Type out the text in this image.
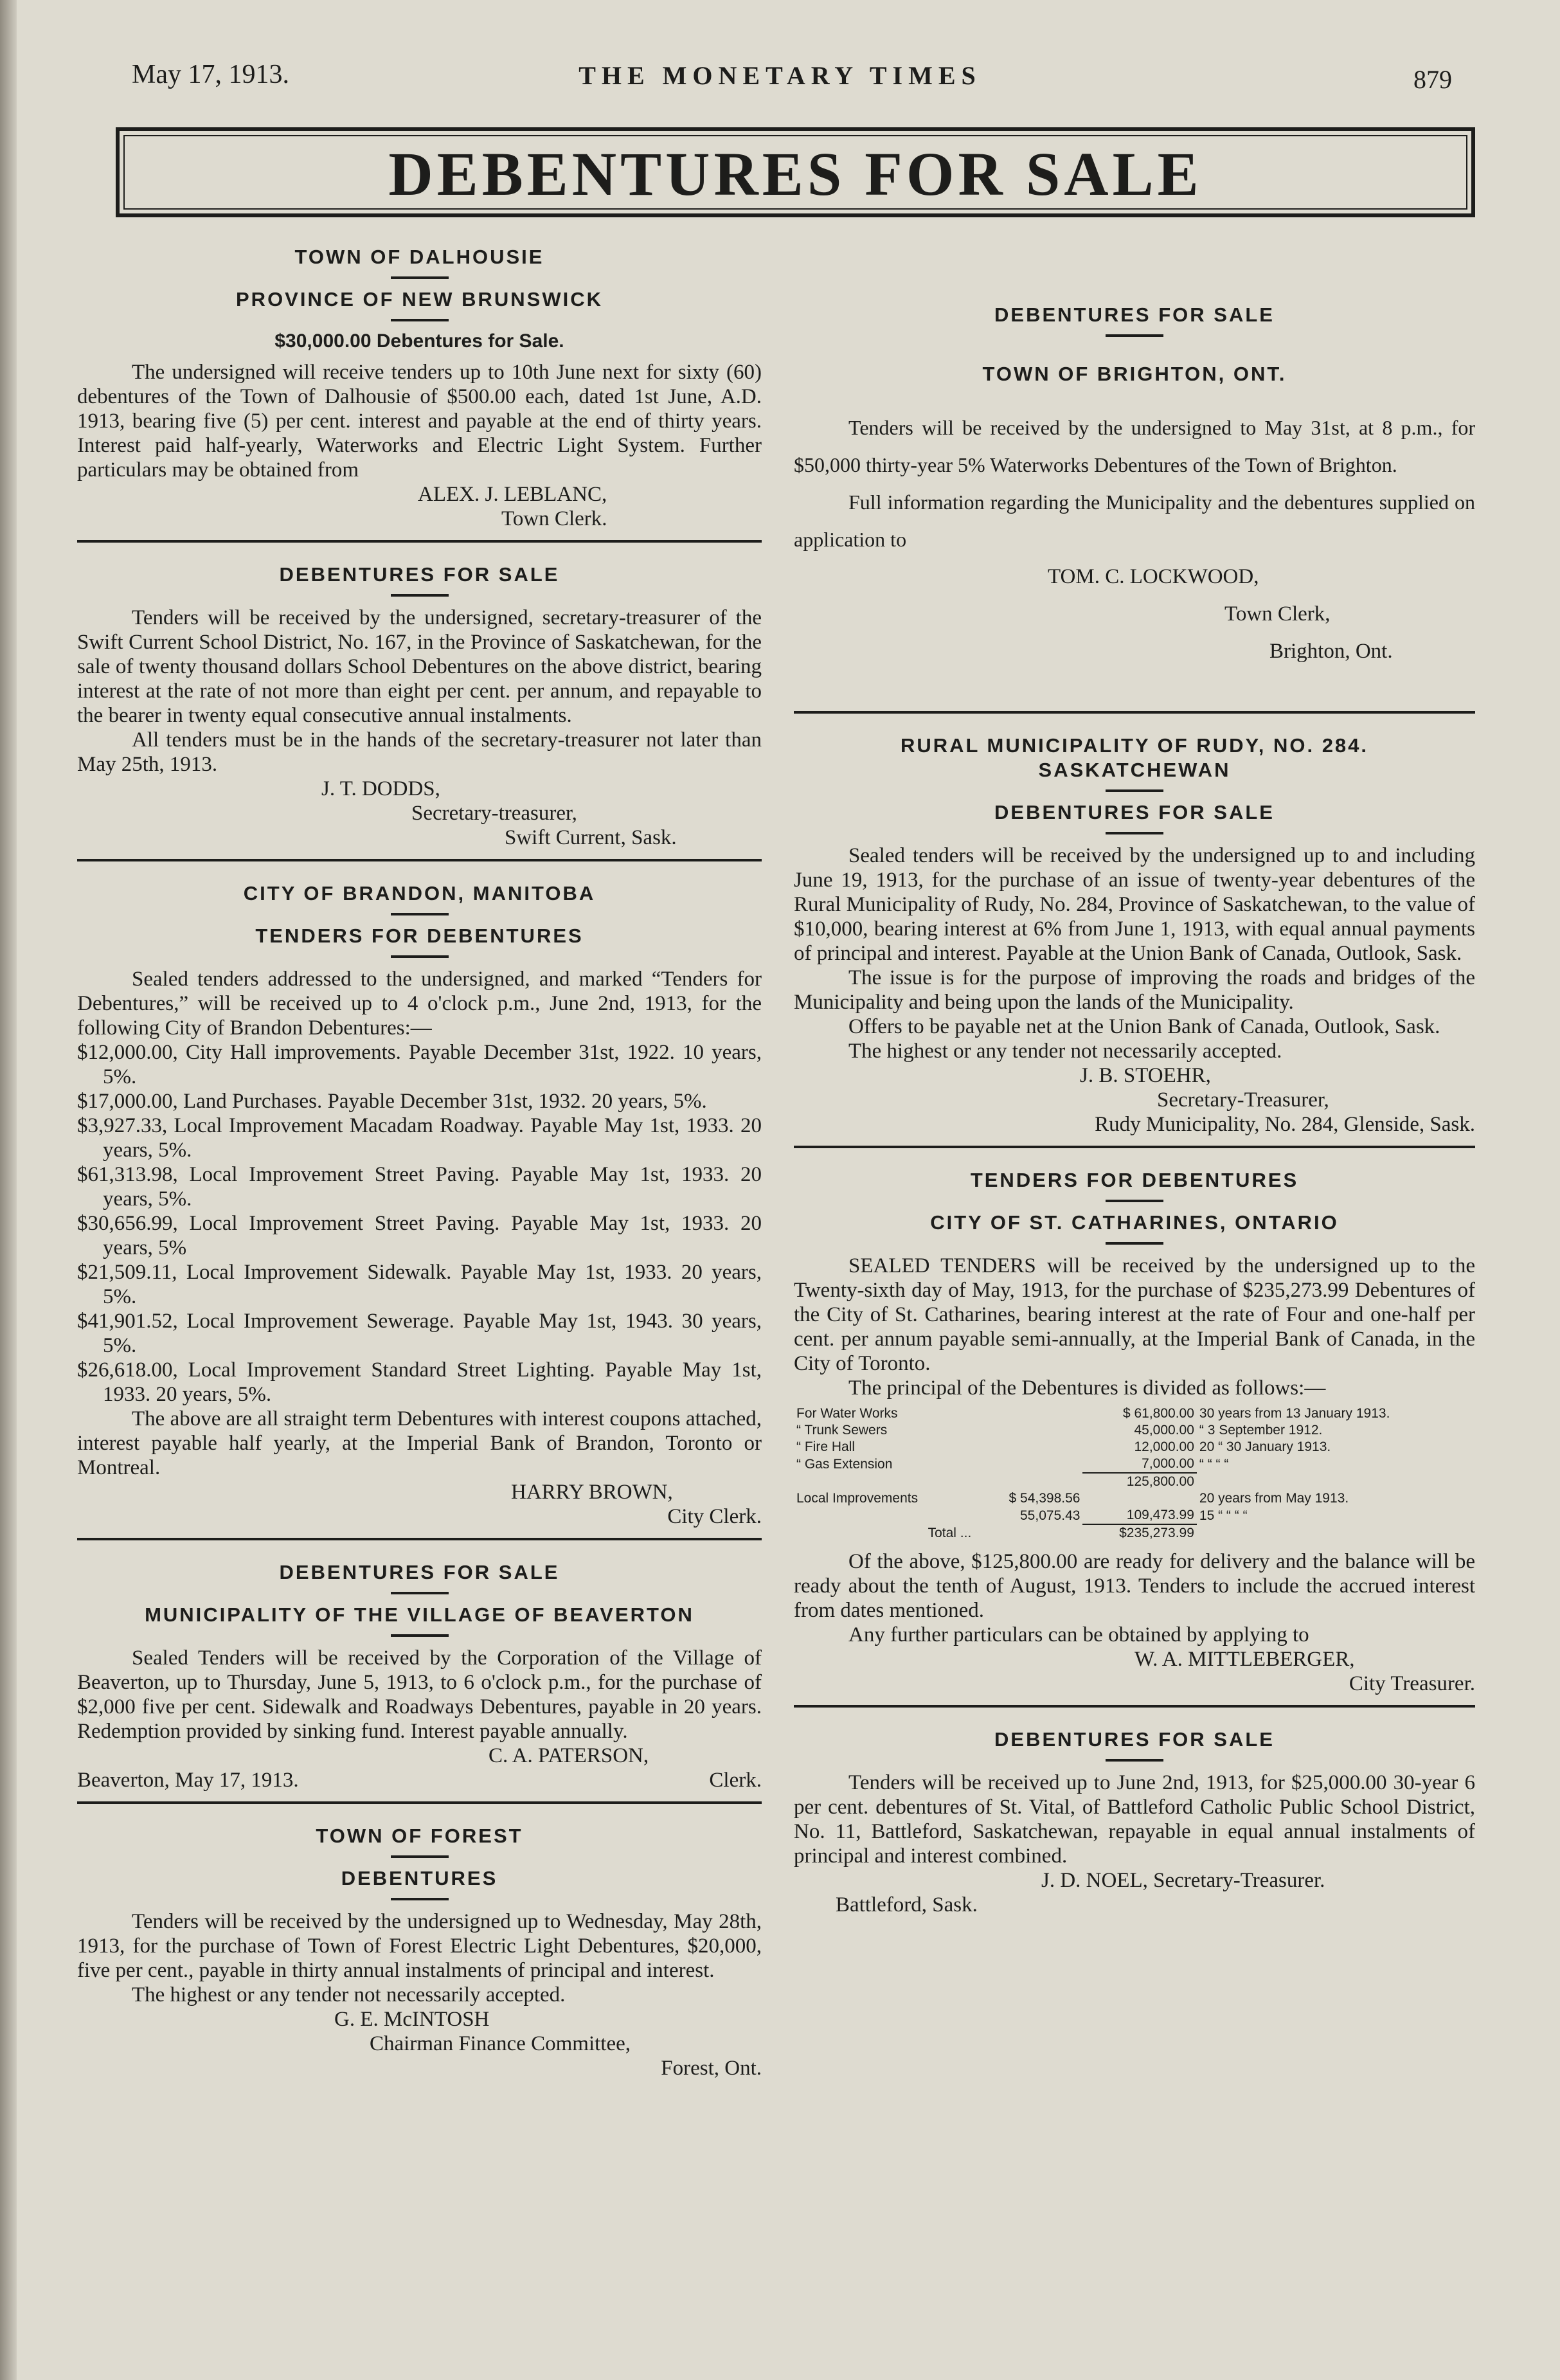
May 17, 1913.	THE MONETARY TIMES	879
DEBENTURES FOR SALE
TOWN OF DALHOUSIE
PROVINCE OF NEW BRUNSWICK
$30,000.00 Debentures for Sale.

The undersigned will receive tenders up to 10th June next for sixty (60) debentures of the Town of Dalhousie of $500.00 each, dated 1st June, A.D. 1913, bearing five (5) per cent. interest and payable at the end of thirty years. Interest paid half-yearly, Waterworks and Electric Light System. Further particulars may be obtained from

ALEX. J. LEBLANC,
Town Clerk.
DEBENTURES FOR SALE

Tenders will be received by the undersigned, secretary-treasurer of the Swift Current School District, No. 167, in the Province of Saskatchewan, for the sale of twenty thousand dollars School Debentures on the above district, bearing interest at the rate of not more than eight per cent. per annum, and repayable to the bearer in twenty equal consecutive annual instalments.

All tenders must be in the hands of the secretary-treasurer not later than May 25th, 1913.

J. T. DODDS,
Secretary-treasurer,
Swift Current, Sask.
CITY OF BRANDON, MANITOBA
TENDERS FOR DEBENTURES

Sealed tenders addressed to the undersigned, and marked “Tenders for Debentures,” will be received up to 4 o'clock p.m., June 2nd, 1913, for the following City of Brandon Debentures:—

$12,000.00, City Hall improvements. Payable December 31st, 1922. 10 years, 5%.

$17,000.00, Land Purchases. Payable December 31st, 1932. 20 years, 5%.

$3,927.33, Local Improvement Macadam Roadway. Payable May 1st, 1933. 20 years, 5%.

$61,313.98, Local Improvement Street Paving. Payable May 1st, 1933. 20 years, 5%.

$30,656.99, Local Improvement Street Paving. Payable May 1st, 1933. 20 years, 5%

$21,509.11, Local Improvement Sidewalk. Payable May 1st, 1933. 20 years, 5%.

$41,901.52, Local Improvement Sewerage. Payable May 1st, 1943. 30 years, 5%.

$26,618.00, Local Improvement Standard Street Lighting. Payable May 1st, 1933. 20 years, 5%.

The above are all straight term Debentures with interest coupons attached, interest payable half yearly, at the Imperial Bank of Brandon, Toronto or Montreal.

HARRY BROWN,
City Clerk.
DEBENTURES FOR SALE
MUNICIPALITY OF THE VILLAGE OF BEAVERTON

Sealed Tenders will be received by the Corporation of the Village of Beaverton, up to Thursday, June 5, 1913, to 6 o'clock p.m., for the purchase of $2,000 five per cent. Sidewalk and Roadways Debentures, payable in 20 years. Redemption provided by sinking fund. Interest payable annually.

C. A. PATERSON,
Beaverton, May 17, 1913.	Clerk.
TOWN OF FOREST
DEBENTURES

Tenders will be received by the undersigned up to Wednesday, May 28th, 1913, for the purchase of Town of Forest Electric Light Debentures, $20,000, five per cent., payable in thirty annual instalments of principal and interest.

The highest or any tender not necessarily accepted.

G. E. McINTOSH
Chairman Finance Committee,
Forest, Ont.
DEBENTURES FOR SALE
TOWN OF BRIGHTON, ONT.

Tenders will be received by the undersigned to May 31st, at 8 p.m., for $50,000 thirty-year 5% Waterworks Debentures of the Town of Brighton.

Full information regarding the Municipality and the debentures supplied on application to

TOM. C. LOCKWOOD,
Town Clerk,
Brighton, Ont.
RURAL MUNICIPALITY OF RUDY, NO. 284.
SASKATCHEWAN
DEBENTURES FOR SALE

Sealed tenders will be received by the undersigned up to and including June 19, 1913, for the purchase of an issue of twenty-year debentures of the Rural Municipality of Rudy, No. 284, Province of Saskatchewan, to the value of $10,000, bearing interest at 6% from June 1, 1913, with equal annual payments of principal and interest. Payable at the Union Bank of Canada, Outlook, Sask.

The issue is for the purpose of improving the roads and bridges of the Municipality and being upon the lands of the Municipality.

Offers to be payable net at the Union Bank of Canada, Outlook, Sask.

The highest or any tender not necessarily accepted.

J. B. STOEHR,
Secretary-Treasurer,
Rudy Municipality, No. 284, Glenside, Sask.
TENDERS FOR DEBENTURES
CITY OF ST. CATHARINES, ONTARIO

SEALED TENDERS will be received by the undersigned up to the Twenty-sixth day of May, 1913, for the purchase of $235,273.99 Debentures of the City of St. Catharines, bearing interest at the rate of Four and one-half per cent. per annum payable semi-annually, at the Imperial Bank of Canada, in the City of Toronto.

The principal of the Debentures is divided as follows:—

For Water Works		$ 61,800.00	30 years from 13 January 1913.
“ Trunk Sewers		45,000.00	“ 3 September 1912.
“ Fire Hall		12,000.00	20 “ 30 January 1913.
“ Gas Extension		7,000.00	“ “ “ “
		125,800.00	
Local Improvements	$ 54,398.56		20 years from May 1913.
	55,075.43	109,473.99	15 “ “ “ “
Total ...		$235,273.99	

Of the above, $125,800.00 are ready for delivery and the balance will be ready about the tenth of August, 1913. Tenders to include the accrued interest from dates mentioned.

Any further particulars can be obtained by applying to

W. A. MITTLEBERGER,
City Treasurer.
DEBENTURES FOR SALE

Tenders will be received up to June 2nd, 1913, for $25,000.00 30-year 6 per cent. debentures of St. Vital, of Battleford Catholic Public School District, No. 11, Battleford, Saskatchewan, repayable in equal annual instalments of principal and interest combined.

J. D. NOEL, Secretary-Treasurer.
Battleford, Sask.
